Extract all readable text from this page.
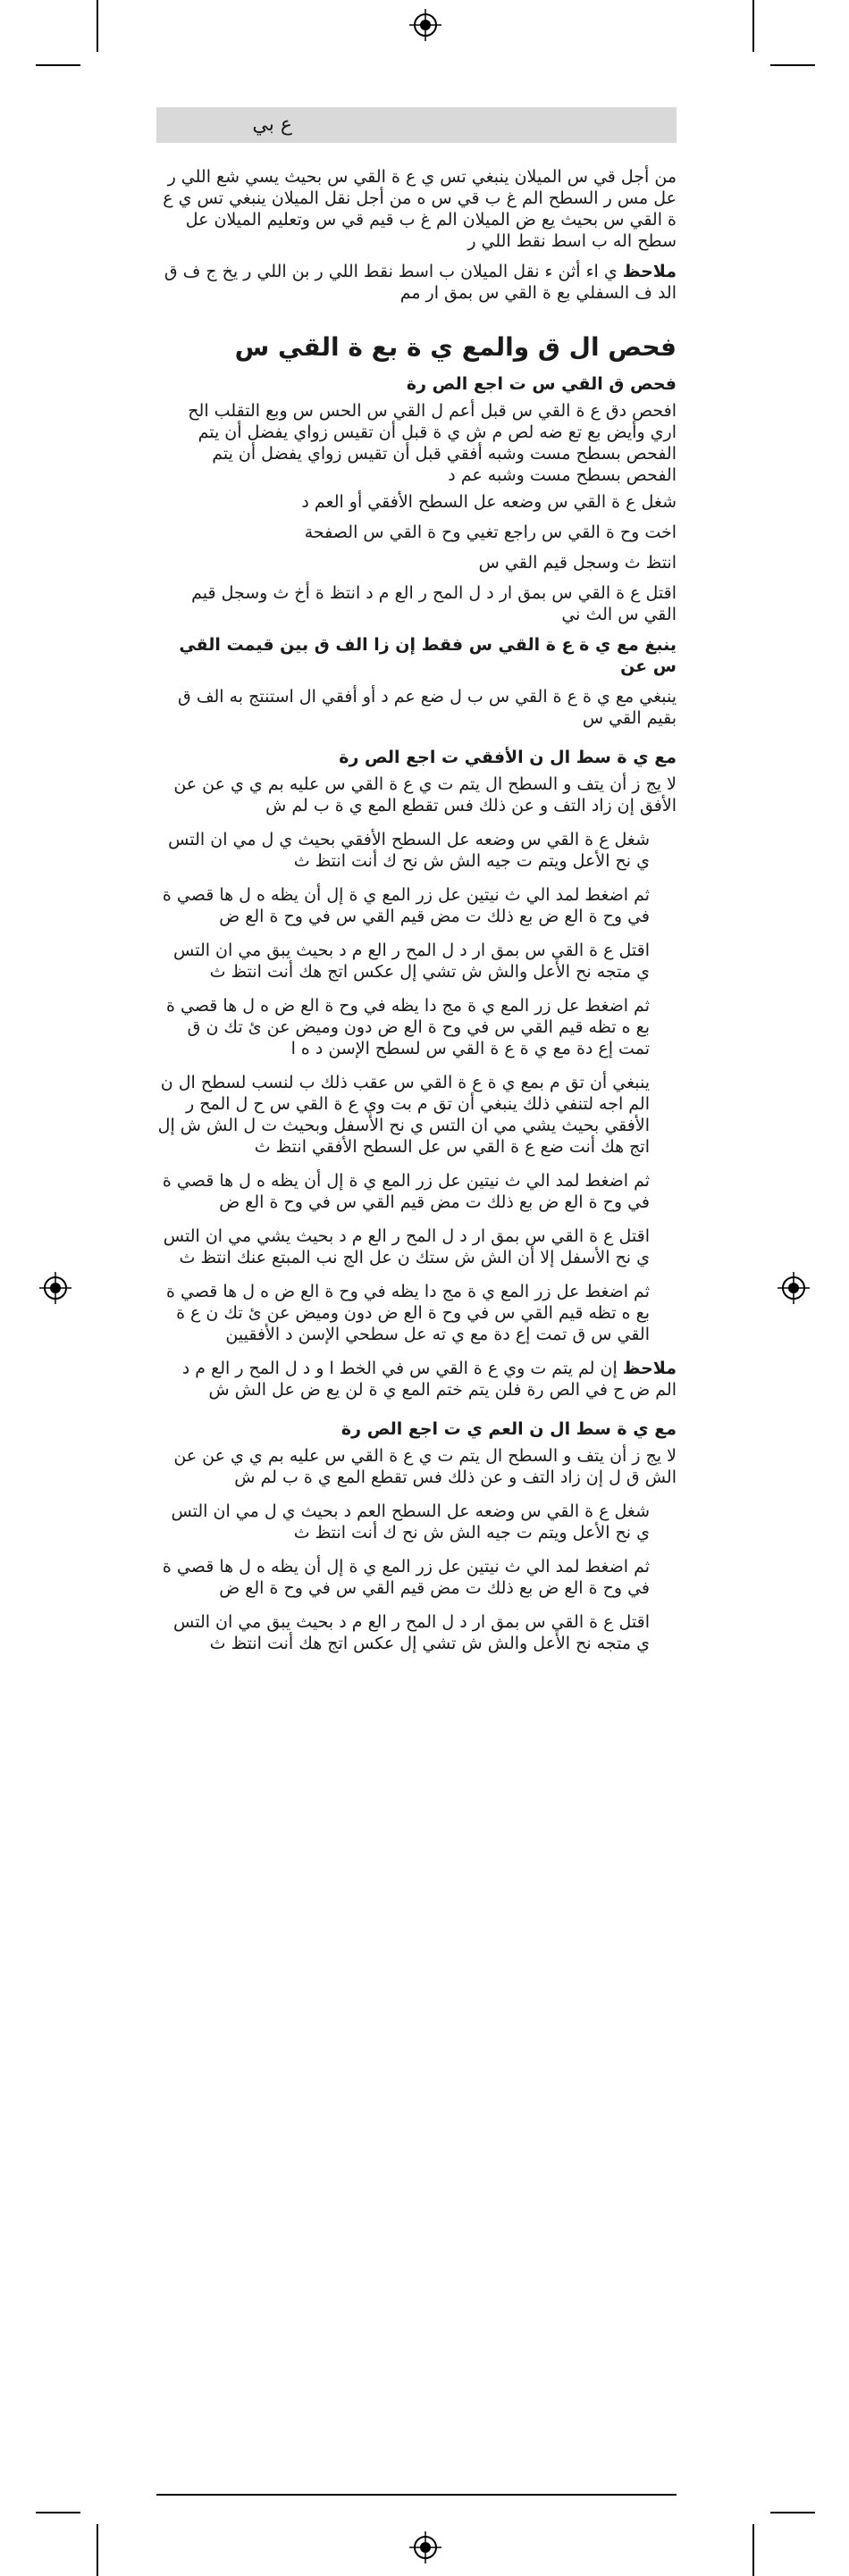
ع بي

من أجل قي س الميلان ينبغي تس ي ع ة القي س بحيث يسي شع اللي ر عل مس ر السطح الم غ ب قي س ه من أجل نقل الميلان ينبغي تس ي ع ة القي س بحيث يع ض الميلان الم غ ب قيم قي س وتعليم الميلان عل سطح اله ب اسط نقط اللي ر

ملاحظ ي اء أثن ء نقل الميلان ب اسط نقط اللي ر بن اللي ر يخ ج ف ق الد ف السفلي بع ة القي س بمق ار مم

فحص ال ق والمع ي ة بع ة القي س

فحص ق القي س ت اجع الص رة

افحص دق ع ة القي س قبل أعم ل القي س الحس س وبع التقلب الح اري وأيض بع تع ضه لص م ش ي ة قبل أن تقيس زواي يفضل أن يتم الفحص بسطح مست وشبه أفقي قبل أن تقيس زواي يفضل أن يتم الفحص بسطح مست وشبه عم د

شغل ع ة القي س وضعه عل السطح الأفقي أو العم د

اخت وح ة القي س راجع تغيي وح ة القي س الصفحة

انتظ ث وسجل قيم القي س

اقتل ع ة القي س بمق ار د ل المح ر الع م د انتظ ة أخ ث وسجل قيم القي س الث ني

ينبغ مع ي ة ع ة القي س فقط إن زا الف ق بين قيمت القي س عن

ينبغي مع ي ة ع ة القي س ب ل ضع عم د أو أفقي ال استنتج به الف ق بقيم القي س

مع ي ة سط ال ن الأفقي ت اجع الص رة

لا يج ز أن يتف و السطح ال يتم ت ي ع ة القي س عليه بم ي ي عن عن الأفق إن زاد التف و عن ذلك فس تقطع المع ي ة ب لم ش

شغل ع ة القي س وضعه عل السطح الأفقي بحيث ي ل مي ان التس ي نح الأعل ويتم ت جيه الش ش نح ك أنت انتظ ث

ثم اضغط لمد الي ث نيتين عل زر المع ي ة إل أن يظه ه ل ها قصي ة في وح ة الع ض بع ذلك ت مض قيم القي س في وح ة الع ض

اقتل ع ة القي س بمق ار د ل المح ر الع م د بحيث يبق مي ان التس ي متجه نح الأعل والش ش تشي إل عكس اتج هك أنت انتظ ث

ثم اضغط عل زر المع ي ة مج دا يظه في وح ة الع ض ه ل ها قصي ة بع ه تظه قيم القي س في وح ة الع ض دون وميض عن ئ تك ن ق تمت إع دة مع ي ة ع ة القي س لسطح الإسن د ه ا

ينبغي أن تق م بمع ي ة ع ة القي س عقب ذلك ب لنسب لسطح ال ن الم اجه لتنفي ذلك ينبغي أن تق م بت وي ع ة القي س ح ل المح ر الأفقي بحيث يشي مي ان التس ي نح الأسفل وبحيث ت ل الش ش إل اتج هك أنت ضع ع ة القي س عل السطح الأفقي انتظ ث

ثم اضغط لمد الي ث نيتين عل زر المع ي ة إل أن يظه ه ل ها قصي ة في وح ة الع ض بع ذلك ت مض قيم القي س في وح ة الع ض

اقتل ع ة القي س بمق ار د ل المح ر الع م د بحيث يشي مي ان التس ي نح الأسفل إلا أن الش ش ستك ن عل الج نب المبتع عنك انتظ ث

ثم اضغط عل زر المع ي ة مج دا يظه في وح ة الع ض ه ل ها قصي ة بع ه تظه قيم القي س في وح ة الع ض دون وميض عن ئ تك ن ع ة القي س ق تمت إع دة مع ي ته عل سطحي الإسن د الأفقيين

ملاحظ إن لم يتم ت وي ع ة القي س في الخط ا و د ل المح ر الع م د الم ض ح في الص رة فلن يتم ختم المع ي ة لن يع ض عل الش ش

مع ي ة سط ال ن العم ي ت اجع الص رة

لا يج ز أن يتف و السطح ال يتم ت ي ع ة القي س عليه بم ي ي عن عن الش ق ل إن زاد التف و عن ذلك فس تقطع المع ي ة ب لم ش

شغل ع ة القي س وضعه عل السطح العم د بحيث ي ل مي ان التس ي نح الأعل ويتم ت جيه الش ش نح ك أنت انتظ ث

ثم اضغط لمد الي ث نيتين عل زر المع ي ة إل أن يظه ه ل ها قصي ة في وح ة الع ض بع ذلك ت مض قيم القي س في وح ة الع ض

اقتل ع ة القي س بمق ار د ل المح ر الع م د بحيث يبق مي ان التس ي متجه نح الأعل والش ش تشي إل عكس اتج هك أنت انتظ ث
